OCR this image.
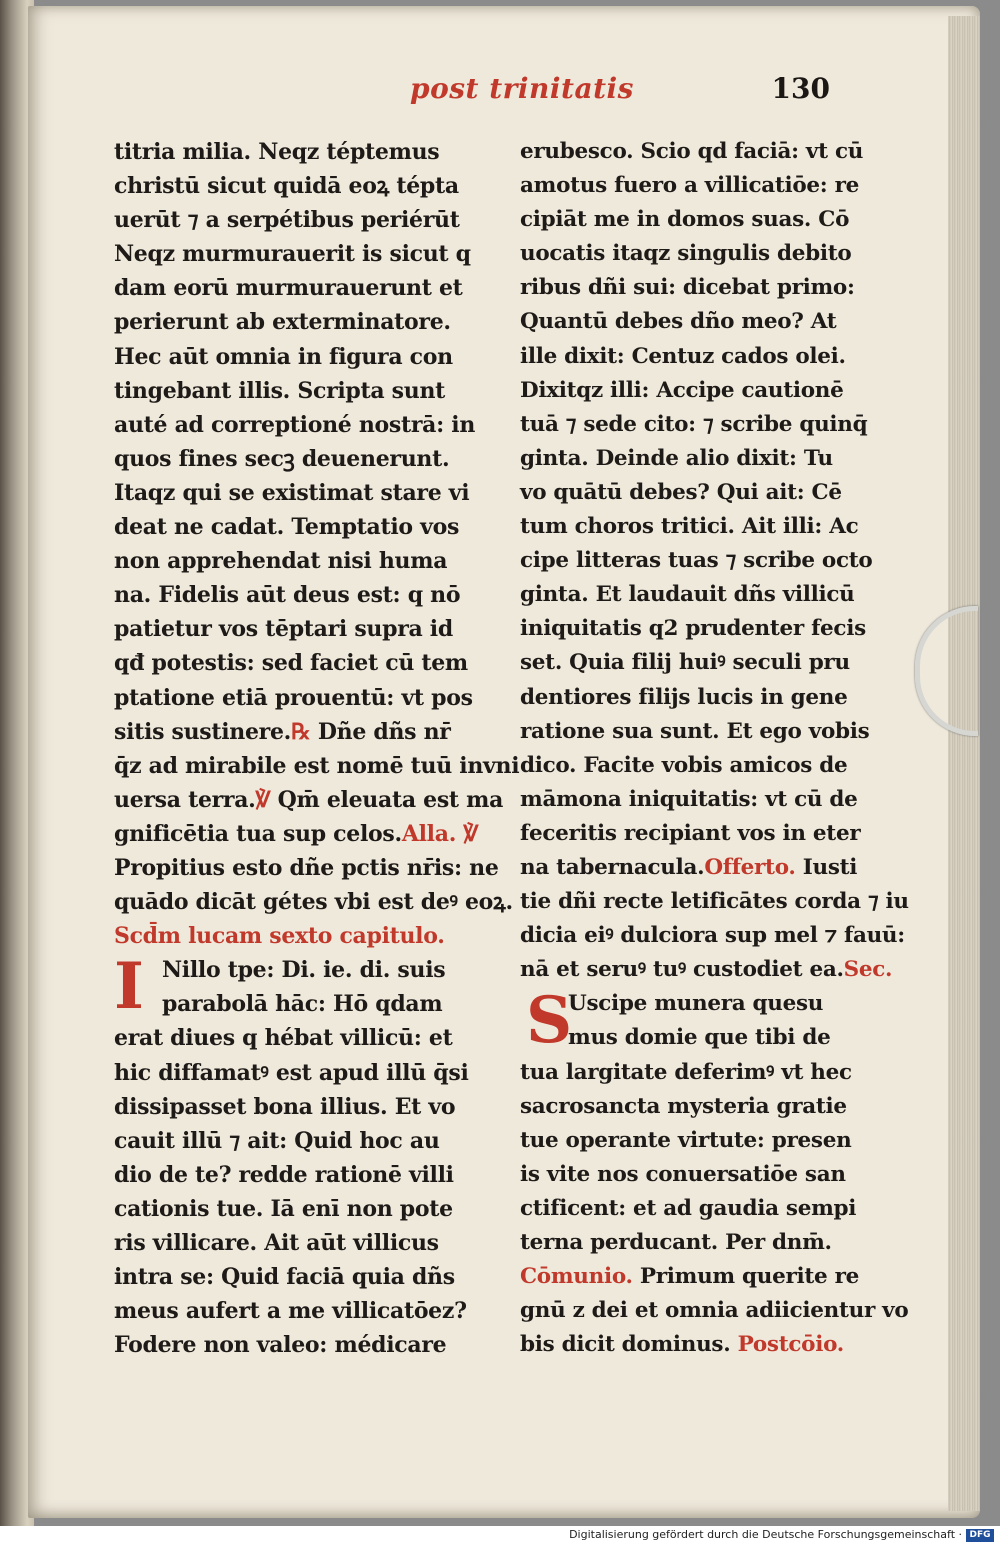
post trinitatis	130
titria milia. Neqz téptemus
christū sicut quidā eoꝝ tépta
uerūt ⁊ a serpétibus periérūt
Neqz murmurauerit is sicut q
dam eorū murmurauerunt et
perierunt ab exterminatore.
Hec aūt omnia in figura con
tingebant illis. Scripta sunt
auté ad correptioné nostrā: in
quos fines secꝫ deuenerunt.
Itaqz qui se existimat stare vi
deat ne cadat. Temptatio vos
non apprehendat nisi huma
na. Fidelis aūt deus est: q nō
patietur vos tēptari supra id
qđ potestis: sed faciet cū tem
ptatione etiā prouentū: vt pos
sitis sustinere.℞ Dñe dñs nr̄
q̄z ad mirabile est nomē tuū invni
uersa terra.℣ Qm̄ eleuata est ma
gnificētia tua sup celos.Alla. ℣
Propitius esto dñe pctis nr̄is: ne
quādo dicāt gétes vbi est deꝰ eoꝝ.
Scd̄m lucam sexto capitulo.
I Nillo tpe: Di. ie. di. suis
parabolā hāc: Hō qdam
erat diues q hébat villicū: et
hic diffamatꝰ est apud illū q̄si
dissipasset bona illius. Et vo
cauit illū ⁊ ait: Quid hoc au
dio de te? redde rationē villi
cationis tue. Iā enī non pote
ris villicare. Ait aūt villicus
intra se: Quid faciā quia dñs
meus aufert a me villicatōez?
Fodere non valeo: médicare
erubesco. Scio qd faciā: vt cū
amotus fuero a villicatiōe: re
cipiāt me in domos suas. Cō
uocatis itaqz singulis debito
ribus dñi sui: dicebat primo:
Quantū debes dño meo? At
ille dixit: Centuz cados olei.
Dixitqz illi: Accipe cautionē
tuā ⁊ sede cito: ⁊ scribe quinq̄
ginta. Deinde alio dixit: Tu
vo quātū debes? Qui ait: Cē
tum choros tritici. Ait illi: Ac
cipe litteras tuas ⁊ scribe octo
ginta. Et laudauit dñs villicū
iniquitatis q2 prudenter fecis
set. Quia filij huiꝰ seculi pru
dentiores filijs lucis in gene
ratione sua sunt. Et ego vobis
dico. Facite vobis amicos de
māmona iniquitatis: vt cū de
feceritis recipiant vos in eter
na tabernacula.Offerto. Iusti
tie dñi recte letificātes corda ⁊ iu
dicia eiꝰ dulciora sup mel ⁊ fauū:
nā et seruꝰ tuꝰ custodiet ea.Sec.
S
Uscipe munera quesu
mus domie que tibi de
tua largitate deferimꝰ vt hec
sacrosancta mysteria gratie
tue operante virtute: presen
is vite nos conuersatiōe san
ctificent: et ad gaudia sempi
terna perducant. Per dnm̄.
Cōmunio. Primum querite re
gnū z dei et omnia adiicientur vo
bis dicit dominus. Postcōio.
Digitalisierung gefördert durch die Deutsche Forschungsgemeinschaft · DFG
